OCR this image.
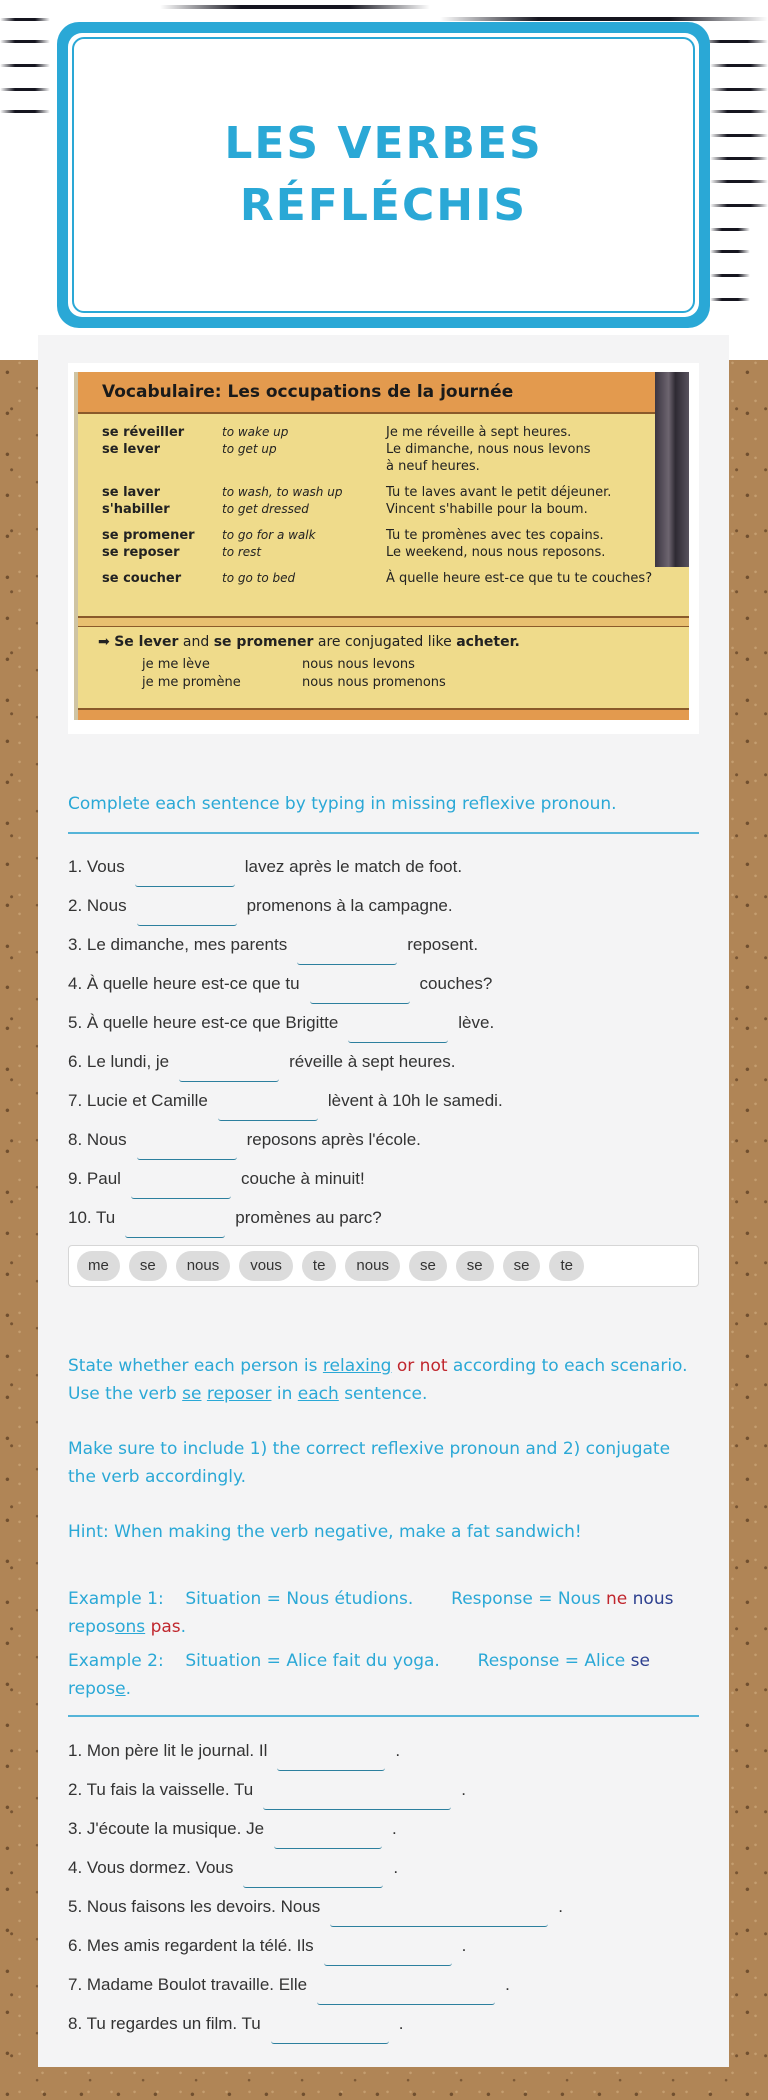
LES VERBES
RÉFLÉCHIS
Vocabulaire: Les occupations de la journée
se réveiller	to wake up	Je me réveille à sept heures.
se lever	to get up	Le dimanche, nous nous levons
à neuf heures.
se laver	to wash, to wash up	Tu te laves avant le petit déjeuner.
s'habiller	to get dressed	Vincent s'habille pour la boum.
se promener	to go for a walk	Tu te promènes avec tes copains.
se reposer	to rest	Le weekend, nous nous reposons.
se coucher	to go to bed	À quelle heure est-ce que tu te couches?
➡ Se lever and se promener are conjugated like acheter.
je me lève	nous nous levons
je me promène	nous nous promenons
Complete each sentence by typing in missing reflexive pronoun.
1. Vous	lavez après le match de foot.
2. Nous	promenons à la campagne.
3. Le dimanche, mes parents	reposent.
4. À quelle heure est-ce que tu	couches?
5. À quelle heure est-ce que Brigitte	lève.
6. Le lundi, je	réveille à sept heures.
7. Lucie et Camille	lèvent à 10h le samedi.
8. Nous	reposons après l'école.
9. Paul	couche à minuit!
10. Tu	promènes au parc?
me	se	nous	vous	te	nous	se	se	se	te
State whether each person is relaxing or not according to each scenario. Use the verb se reposer in each sentence.
Make sure to include 1) the correct reflexive pronoun and 2) conjugate the verb accordingly.
Hint: When making the verb negative, make a fat sandwich!
Example 1: Situation = Nous étudions. Response = Nous ne nous reposons pas.
Example 2: Situation = Alice fait du yoga. Response = Alice se repose.
1. Mon père lit le journal. Il	.
2. Tu fais la vaisselle. Tu	.
3. J'écoute la musique. Je	.
4. Vous dormez. Vous	.
5. Nous faisons les devoirs. Nous	.
6. Mes amis regardent la télé. Ils	.
7. Madame Boulot travaille. Elle	.
8. Tu regardes un film. Tu	.
